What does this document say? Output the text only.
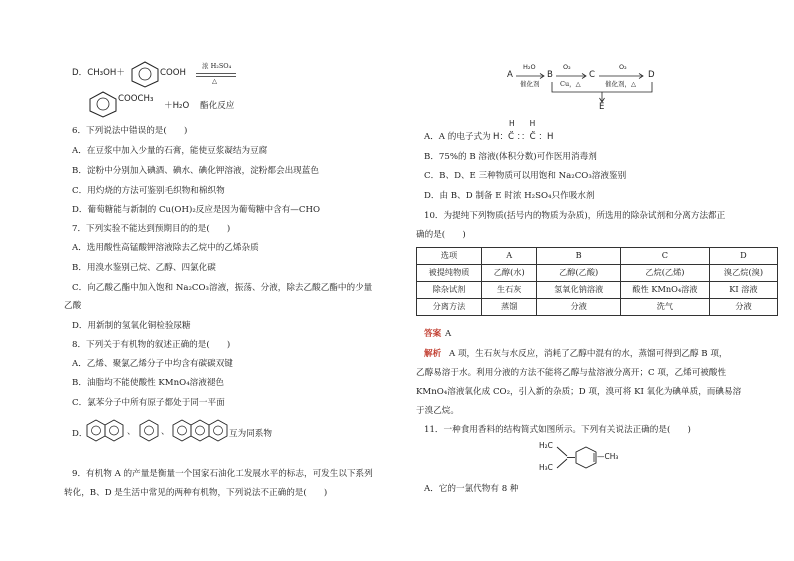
D．CH₃OH＋	COOH
浓 H₂SO₄
△
COOCH₃
＋H₂O 酯化反应
6．下列说法中错误的是(　　)
A．在豆浆中加入少量的石膏，能使豆浆凝结为豆腐
B．淀粉中分别加入碘酒、碘水、碘化钾溶液，淀粉都会出现蓝色
C．用灼烧的方法可鉴别毛织物和棉织物
D．葡萄糖能与新制的 Cu(OH)₂反应是因为葡萄糖中含有—CHO
7．下列实验不能达到预期目的的是(　　)
A．选用酸性高锰酸钾溶液除去乙烷中的乙烯杂质
B．用溴水鉴别己烷、乙醇、四氯化碳
C．向乙酸乙酯中加入饱和 Na₂CO₃溶液，振荡、分液，除去乙酸乙酯中的少量
乙酸
D．用新制的氢氧化铜检验尿糖
8．下列关于有机物的叙述正确的是(　　)
A．乙烯、聚氯乙烯分子中均含有碳碳双键
B．油脂均不能使酸性 KMnO₄溶液褪色
C．氯苯分子中所有原子都处于同一平面
D．	、	、	互为同系物
9．有机物 A 的产量是衡量一个国家石油化工发展水平的标志，可发生以下系列
转化，B、D 是生活中常见的两种有机物，下列说法不正确的是(　　)
A
H₂O
催化剂
B
O₂
Cu，△
C
O₂
催化剂，△
D
E
H　　H
A．A 的电子式为 H：C̈ ：：C̈ ：H
B．75%的 B 溶液(体积分数)可作医用消毒剂
C．B、D、E 三种物质可以用饱和 Na₂CO₃溶液鉴别
D．由 B、D 制备 E 时浓 H₂SO₄只作吸水剂
10．为提纯下列物质(括号内的物质为杂质)，所选用的除杂试剂和分离方法都正
确的是(　　)
选项	A	B	C	D
被提纯物质	乙醇(水)	乙醇(乙酸)	乙烷(乙烯)	溴乙烷(溴)
除杂试剂	生石灰	氢氧化钠溶液	酸性 KMnO₄溶液	KI 溶液
分离方法	蒸馏	分液	洗气	分液
答案 A
解析 A 项，生石灰与水反应，消耗了乙醇中混有的水，蒸馏可得到乙醇 B 项，
乙醇易溶于水。利用分液的方法不能将乙醇与盐溶液分离开；C 项，乙烯可被酸性
KMnO₄溶液氧化成 CO₂，引入新的杂质；D 项，溴可将 KI 氧化为碘单质，而碘易溶
于溴乙烷。
11．一种食用香料的结构简式如图所示。下列有关说法正确的是(　　)
H₂C
H₃C
—CH₃
A．它的一氯代物有 8 种
